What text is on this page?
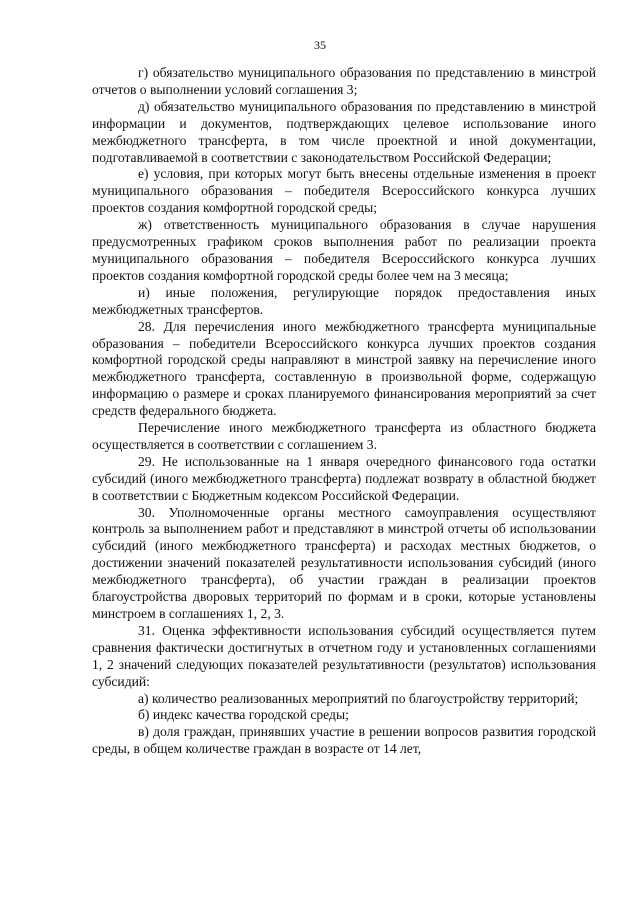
35

г) обязательство муниципального образования по представлению в минстрой отчетов о выполнении условий соглашения 3;

д) обязательство муниципального образования по представлению в минстрой информации и документов, подтверждающих целевое использование иного межбюджетного трансферта, в том числе проектной и иной документации, подготавливаемой в соответствии с законодательством Российской Федерации;

е) условия, при которых могут быть внесены отдельные изменения в проект муниципального образования – победителя Всероссийского конкурса лучших проектов создания комфортной городской среды;

ж) ответственность муниципального образования в случае нарушения предусмотренных графиком сроков выполнения работ по реализации проекта муниципального образования – победителя Всероссийского конкурса лучших проектов создания комфортной городской среды более чем на 3 месяца;

и) иные положения, регулирующие порядок предоставления иных межбюджетных трансфертов.

28. Для перечисления иного межбюджетного трансферта муниципальные образования – победители Всероссийского конкурса лучших проектов создания комфортной городской среды направляют в минстрой заявку на перечисление иного межбюджетного трансферта, составленную в произвольной форме, содержащую информацию о размере и сроках планируемого финансирования мероприятий за счет средств федерального бюджета.

Перечисление иного межбюджетного трансферта из областного бюджета осуществляется в соответствии с соглашением 3.

29. Не использованные на 1 января очередного финансового года остатки субсидий (иного межбюджетного трансферта) подлежат возврату в областной бюджет в соответствии с Бюджетным кодексом Российской Федерации.

30. Уполномоченные органы местного самоуправления осуществляют контроль за выполнением работ и представляют в минстрой отчеты об использовании субсидий (иного межбюджетного трансферта) и расходах местных бюджетов, о достижении значений показателей результативности использования субсидий (иного межбюджетного трансферта), об участии граждан в реализации проектов благоустройства дворовых территорий по формам и в сроки, которые установлены минстроем в соглашениях 1, 2, 3.

31. Оценка эффективности использования субсидий осуществляется путем сравнения фактически достигнутых в отчетном году и установленных соглашениями 1, 2 значений следующих показателей результативности (результатов) использования субсидий:

а) количество реализованных мероприятий по благоустройству территорий;

б) индекс качества городской среды;

в) доля граждан, принявших участие в решении вопросов развития городской среды, в общем количестве граждан в возрасте от 14 лет,
